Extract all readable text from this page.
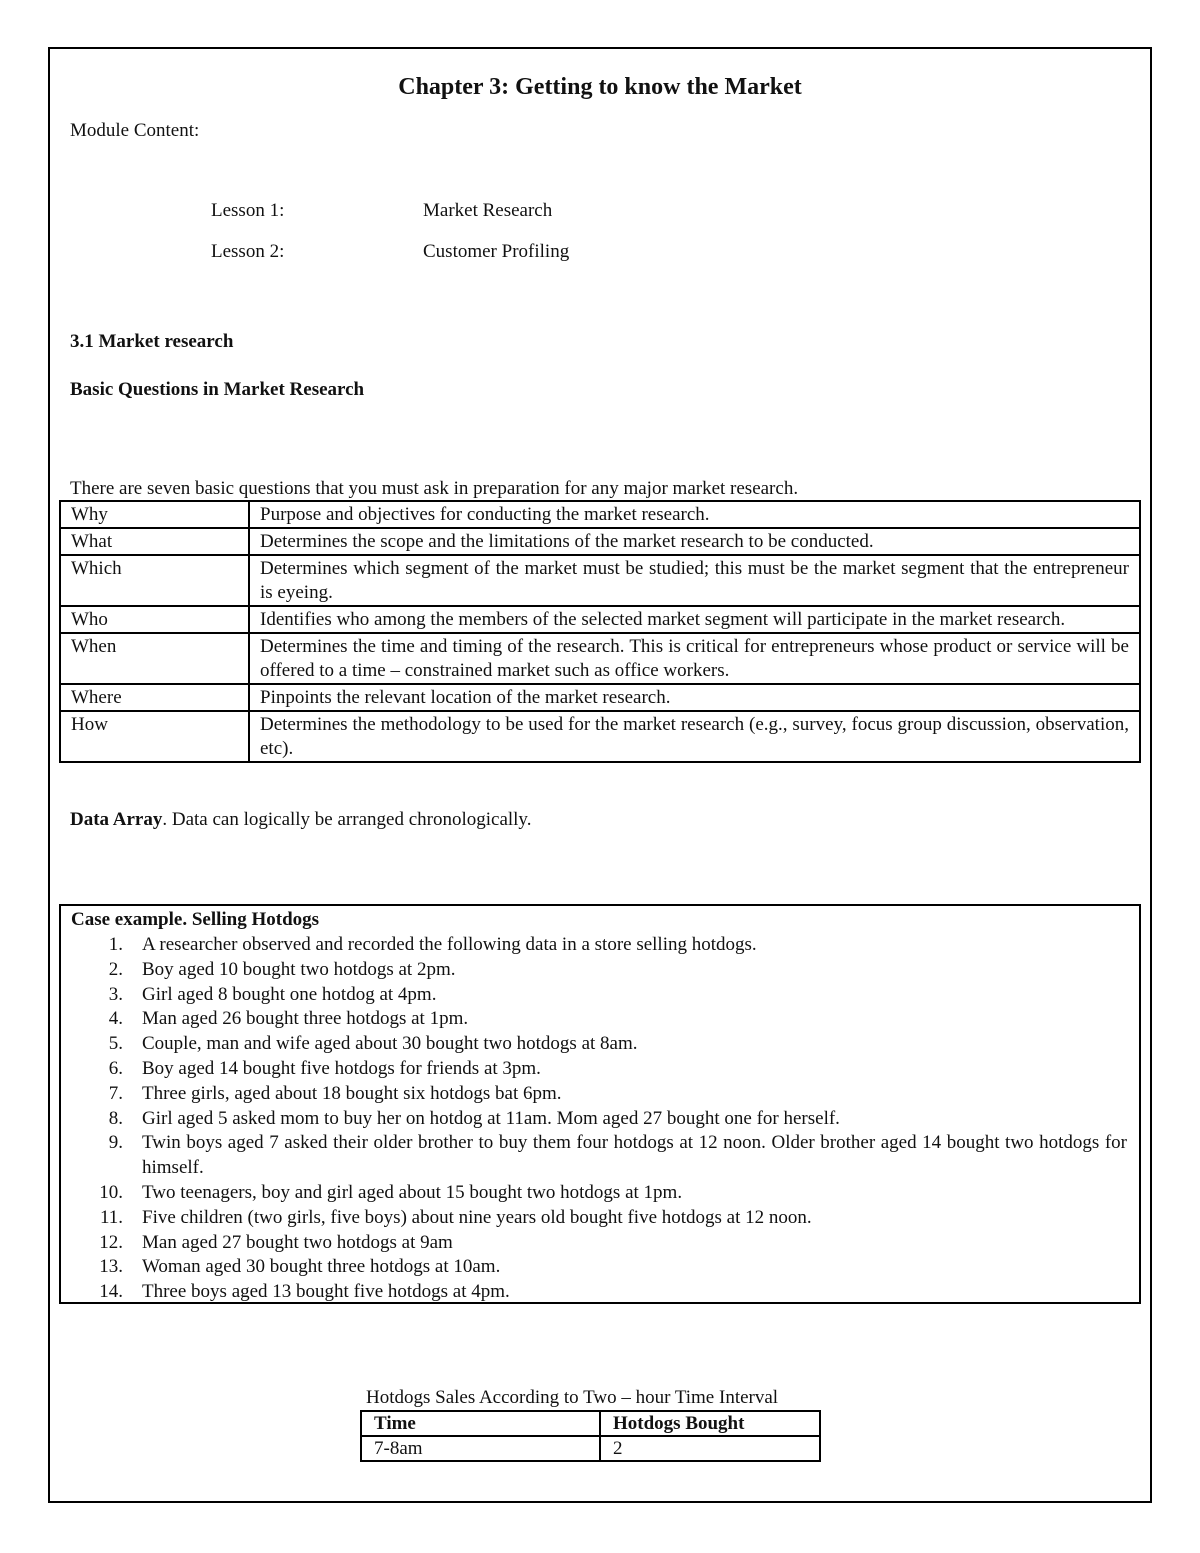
Chapter 3: Getting to know the Market
Module Content:
Lesson 1:	Market Research
Lesson 2:	Customer Profiling
3.1 Market research
Basic Questions in Market Research
There are seven basic questions that you must ask in preparation for any major market research.
Why	Purpose and objectives for conducting the market research.
What	Determines the scope and the limitations of the market research to be conducted.
Which	Determines which segment of the market must be studied; this must be the market segment that the entrepreneur is eyeing.
Who	Identifies who among the members of the selected market segment will participate in the market research.
When	Determines the time and timing of the research. This is critical for entrepreneurs whose product or service will be offered to a time – constrained market such as office workers.
Where	Pinpoints the relevant location of the market research.
How	Determines the methodology to be used for the market research (e.g., survey, focus group discussion, observation, etc).
Data Array. Data can logically be arranged chronologically.
Case example. Selling Hotdogs
1. A researcher observed and recorded the following data in a store selling hotdogs.
2. Boy aged 10 bought two hotdogs at 2pm.
3. Girl aged 8 bought one hotdog at 4pm.
4. Man aged 26 bought three hotdogs at 1pm.
5. Couple, man and wife aged about 30 bought two hotdogs at 8am.
6. Boy aged 14 bought five hotdogs for friends at 3pm.
7. Three girls, aged about 18 bought six hotdogs bat 6pm.
8. Girl aged 5 asked mom to buy her on hotdog at 11am. Mom aged 27 bought one for herself.
9. Twin boys aged 7 asked their older brother to buy them four hotdogs at 12 noon. Older brother aged 14 bought two hotdogs for himself.
10. Two teenagers, boy and girl aged about 15 bought two hotdogs at 1pm.
11. Five children (two girls, five boys) about nine years old bought five hotdogs at 12 noon.
12. Man aged 27 bought two hotdogs at 9am
13. Woman aged 30 bought three hotdogs at 10am.
14. Three boys aged 13 bought five hotdogs at 4pm.
Hotdogs Sales According to Two – hour Time Interval
Time	Hotdogs Bought
7-8am	2
